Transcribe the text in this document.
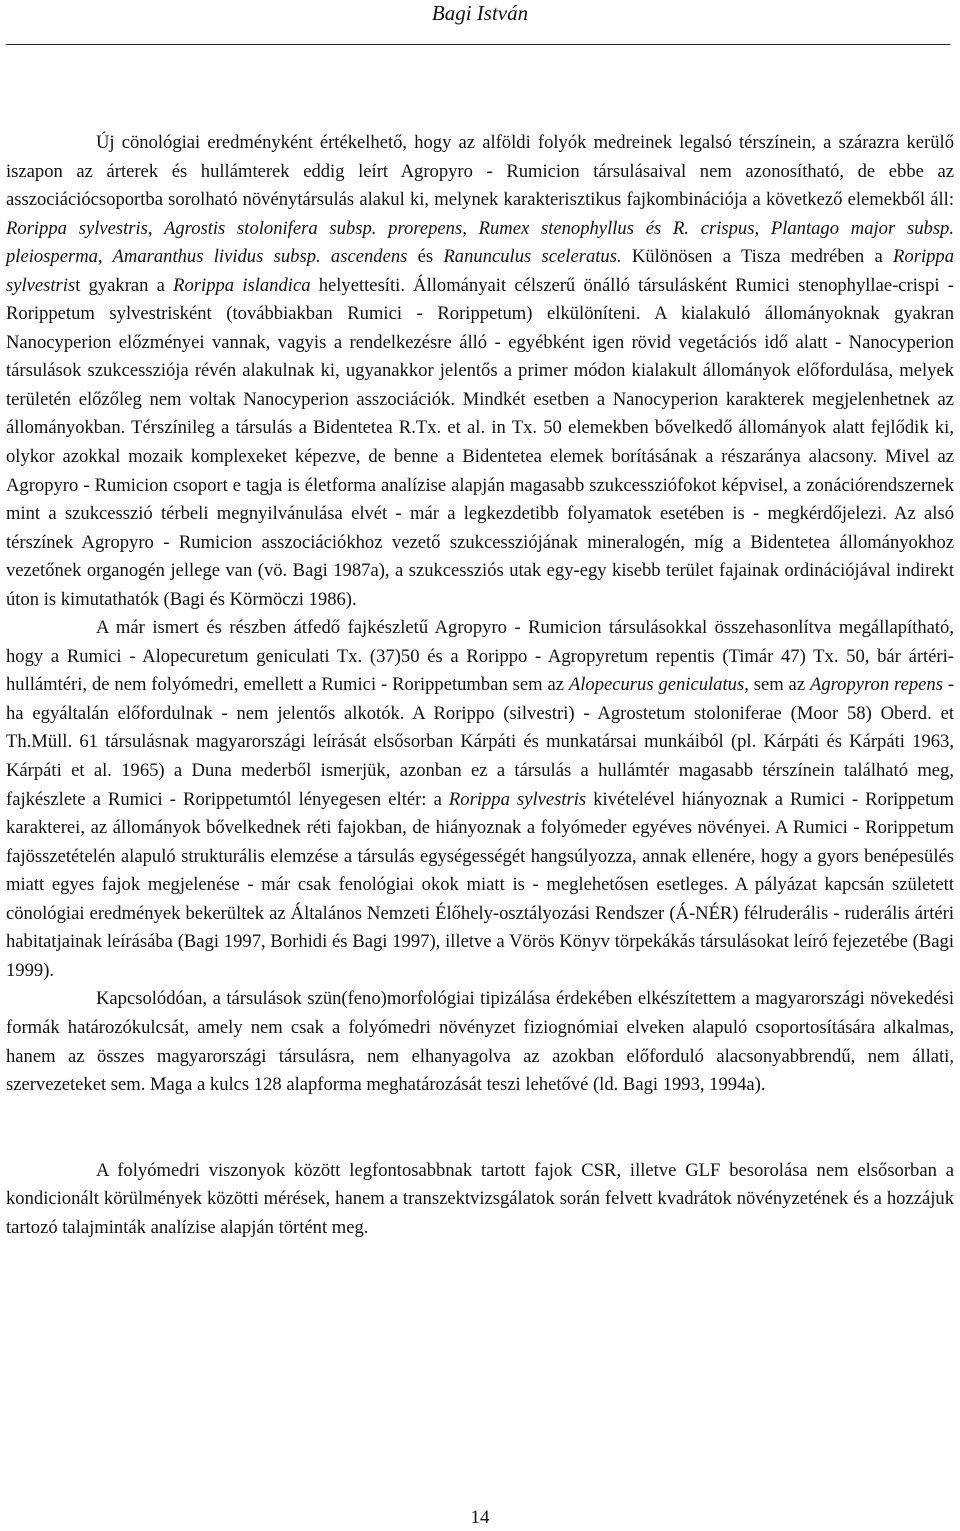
Bagi István

Új cönológiai eredményként értékelhető, hogy az alföldi folyók medreinek legalsó térszínein, a szárazra kerülő iszapon az árterek és hullámterek eddig leírt Agropyro - Rumicion társulásaival nem azonosítható, de ebbe az asszociációcsoportba sorolható növénytársulás alakul ki, melynek karakterisztikus fajkombinációja a következő elemekből áll: Rorippa sylvestris, Agrostis stolonifera subsp. prorepens, Rumex stenophyllus és R. crispus, Plantago major subsp. pleiosperma, Amaranthus lividus subsp. ascendens és Ranunculus sceleratus. Különösen a Tisza medrében a Rorippa sylvestrist gyakran a Rorippa islandica helyettesíti. Állományait célszerű önálló társulásként Rumici stenophyllae-crispi - Rorippetum sylvestrisként (továbbiakban Rumici - Rorippetum) elkülöníteni. A kialakuló állományoknak gyakran Nanocyperion előzményei vannak, vagyis a rendelkezésre álló - egyébként igen rövid vegetációs idő alatt - Nanocyperion társulások szukcessziója révén alakulnak ki, ugyanakkor jelentős a primer módon kialakult állományok előfordulása, melyek területén előzőleg nem voltak Nanocyperion asszociációk. Mindkét esetben a Nanocyperion karakterek megjelenhetnek az állományokban. Térszínileg a társulás a Bidentetea R.Tx. et al. in Tx. 50 elemekben bővelkedő állományok alatt fejlődik ki, olykor azokkal mozaik komplexeket képezve, de benne a Bidentetea elemek borításának a részaránya alacsony. Mivel az Agropyro - Rumicion csoport e tagja is életforma analízise alapján magasabb szukcessziófokot képvisel, a zonációrendszernek mint a szukcesszió térbeli megnyilvánulása elvét - már a legkezdetibb folyamatok esetében is - megkérdőjelezi. Az alsó térszínek Agropyro - Rumicion asszociációkhoz vezető szukcessziójának mineralogén, míg a Bidentetea állományokhoz vezetőnek organogén jellege van (vö. Bagi 1987a), a szukcessziós utak egy-egy kisebb terület fajainak ordinációjával indirekt úton is kimutathatók (Bagi és Körmöczi 1986).

A már ismert és részben átfedő fajkészletű Agropyro - Rumicion társulásokkal összehasonlítva megállapítható, hogy a Rumici - Alopecuretum geniculati Tx. (37)50 és a Rorippo - Agropyretum repentis (Timár 47) Tx. 50, bár ártéri-hullámtéri, de nem folyómedri, emellett a Rumici - Rorippetumban sem az Alopecurus geniculatus, sem az Agropyron repens - ha egyáltalán előfordulnak - nem jelentős alkotók. A Rorippo (silvestri) - Agrostetum stoloniferae (Moor 58) Oberd. et Th.Müll. 61 társulásnak magyarországi leírását elsősorban Kárpáti és munkatársai munkáiból (pl. Kárpáti és Kárpáti 1963, Kárpáti et al. 1965) a Duna mederből ismerjük, azonban ez a társulás a hullámtér magasabb térszínein található meg, fajkészlete a Rumici - Rorippetumtól lényegesen eltér: a Rorippa sylvestris kivételével hiányoznak a Rumici - Rorippetum karakterei, az állományok bővelkednek réti fajokban, de hiányoznak a folyómeder egyéves növényei. A Rumici - Rorippetum fajösszetételén alapuló strukturális elemzése a társulás egységességét hangsúlyozza, annak ellenére, hogy a gyors benépesülés miatt egyes fajok megjelenése - már csak fenológiai okok miatt is - meglehetősen esetleges. A pályázat kapcsán született cönológiai eredmények bekerültek az Általános Nemzeti Élőhely-osztályozási Rendszer (Á-NÉR) félruderális - ruderális ártéri habitatjainak leírásába (Bagi 1997, Borhidi és Bagi 1997), illetve a Vörös Könyv törpekákás társulásokat leíró fejezetébe (Bagi 1999).

Kapcsolódóan, a társulások szün(feno)morfológiai tipizálása érdekében elkészítettem a magyarországi növekedési formák határozókulcsát, amely nem csak a folyómedri növényzet fiziognómiai elveken alapuló csoportosítására alkalmas, hanem az összes magyarországi társulásra, nem elhanyagolva az azokban előforduló alacsonyabbrendű, nem állati, szervezeteket sem. Maga a kulcs 128 alapforma meghatározását teszi lehetővé (ld. Bagi 1993, 1994a).

A folyómedri viszonyok között legfontosabbnak tartott fajok CSR, illetve GLF besorolása nem elsősorban a kondicionált körülmények közötti mérések, hanem a transzektvizsgálatok során felvett kvadrátok növényzetének és a hozzájuk tartozó talajminták analízise alapján történt meg.

14
